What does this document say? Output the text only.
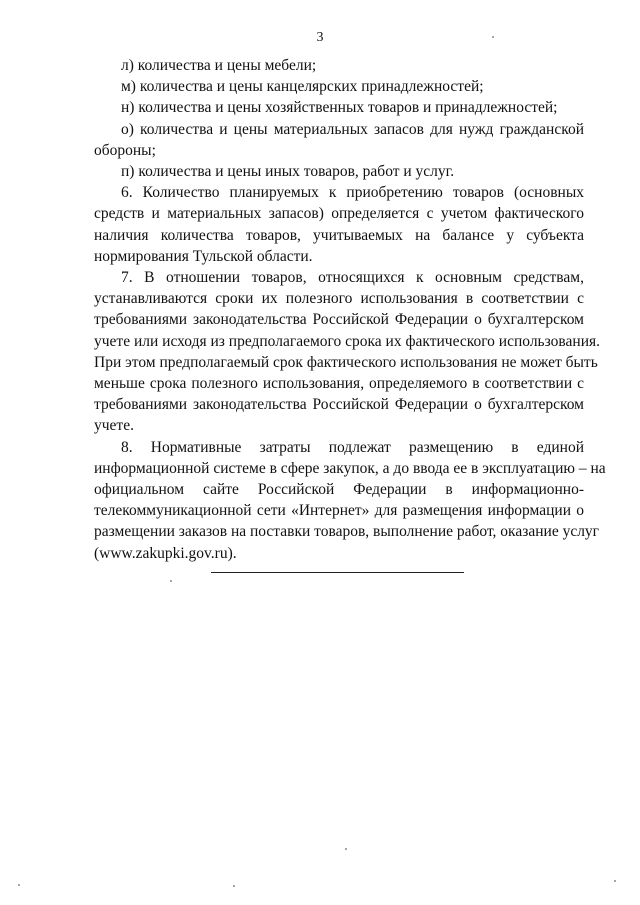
3
л) количества и цены мебели;
м) количества и цены канцелярских принадлежностей;
н) количества и цены хозяйственных товаров и принадлежностей;
о) количества и цены материальных запасов для нужд гражданской
обороны;
п) количества и цены иных товаров, работ и услуг.
6. Количество планируемых к приобретению товаров (основных
средств и материальных запасов) определяется с учетом фактического
наличия количества товаров, учитываемых на балансе у субъекта
нормирования Тульской области.
7. В отношении товаров, относящихся к основным средствам,
устанавливаются сроки их полезного использования в соответствии с
требованиями законодательства Российской Федерации о бухгалтерском
учете или исходя из предполагаемого срока их фактического использования.
При этом предполагаемый срок фактического использования не может быть
меньше срока полезного использования, определяемого в соответствии с
требованиями законодательства Российской Федерации о бухгалтерском
учете.
8. Нормативные затраты подлежат размещению в единой
информационной системе в сфере закупок, а до ввода ее в эксплуатацию – на
официальном сайте Российской Федерации в информационно-
телекоммуникационной сети «Интернет» для размещения информации о
размещении заказов на поставки товаров, выполнение работ, оказание услуг
(www.zakupki.gov.ru).
